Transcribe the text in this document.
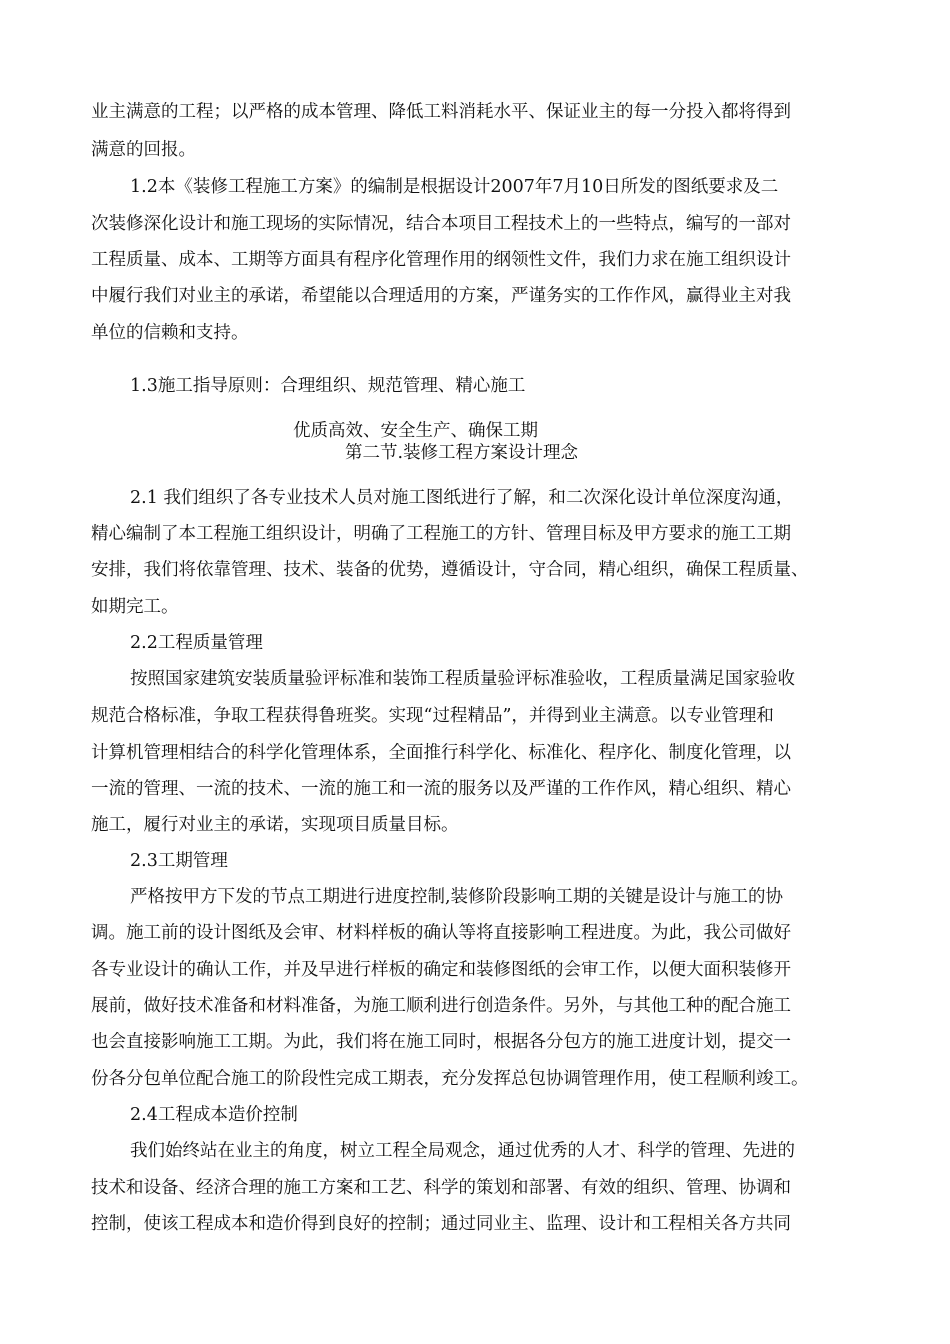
业主满意的工程；以严格的成本管理、降低工料消耗水平、保证业主的每一分投入都将得到
满意的回报。
1.2本《装修工程施工方案》的编制是根据设计2007年7月10日所发的图纸要求及二
次装修深化设计和施工现场的实际情况，结合本项目工程技术上的一些特点，编写的一部对
工程质量、成本、工期等方面具有程序化管理作用的纲领性文件，我们力求在施工组织设计
中履行我们对业主的承诺，希望能以合理适用的方案，严谨务实的工作作风，赢得业主对我
单位的信赖和支持。
1.3施工指导原则：合理组织、规范管理、精心施工
优质高效、安全生产、确保工期
第二节.装修工程方案设计理念
2.1 我们组织了各专业技术人员对施工图纸进行了解，和二次深化设计单位深度沟通，
精心编制了本工程施工组织设计，明确了工程施工的方针、管理目标及甲方要求的施工工期
安排，我们将依靠管理、技术、装备的优势，遵循设计，守合同，精心组织，确保工程质量、
如期完工。
2.2工程质量管理
按照国家建筑安装质量验评标准和装饰工程质量验评标准验收，工程质量满足国家验收
规范合格标准，争取工程获得鲁班奖。实现“过程精品”，并得到业主满意。以专业管理和
计算机管理相结合的科学化管理体系，全面推行科学化、标准化、程序化、制度化管理，以
一流的管理、一流的技术、一流的施工和一流的服务以及严谨的工作作风，精心组织、精心
施工，履行对业主的承诺，实现项目质量目标。
2.3工期管理
严格按甲方下发的节点工期进行进度控制,装修阶段影响工期的关键是设计与施工的协
调。施工前的设计图纸及会审、材料样板的确认等将直接影响工程进度。为此，我公司做好
各专业设计的确认工作，并及早进行样板的确定和装修图纸的会审工作，以便大面积装修开
展前，做好技术准备和材料准备，为施工顺利进行创造条件。另外，与其他工种的配合施工
也会直接影响施工工期。为此，我们将在施工同时，根据各分包方的施工进度计划，提交一
份各分包单位配合施工的阶段性完成工期表，充分发挥总包协调管理作用，使工程顺利竣工。
2.4工程成本造价控制
我们始终站在业主的角度，树立工程全局观念，通过优秀的人才、科学的管理、先进的
技术和设备、经济合理的施工方案和工艺、科学的策划和部署、有效的组织、管理、协调和
控制，使该工程成本和造价得到良好的控制；通过同业主、监理、设计和工程相关各方共同
